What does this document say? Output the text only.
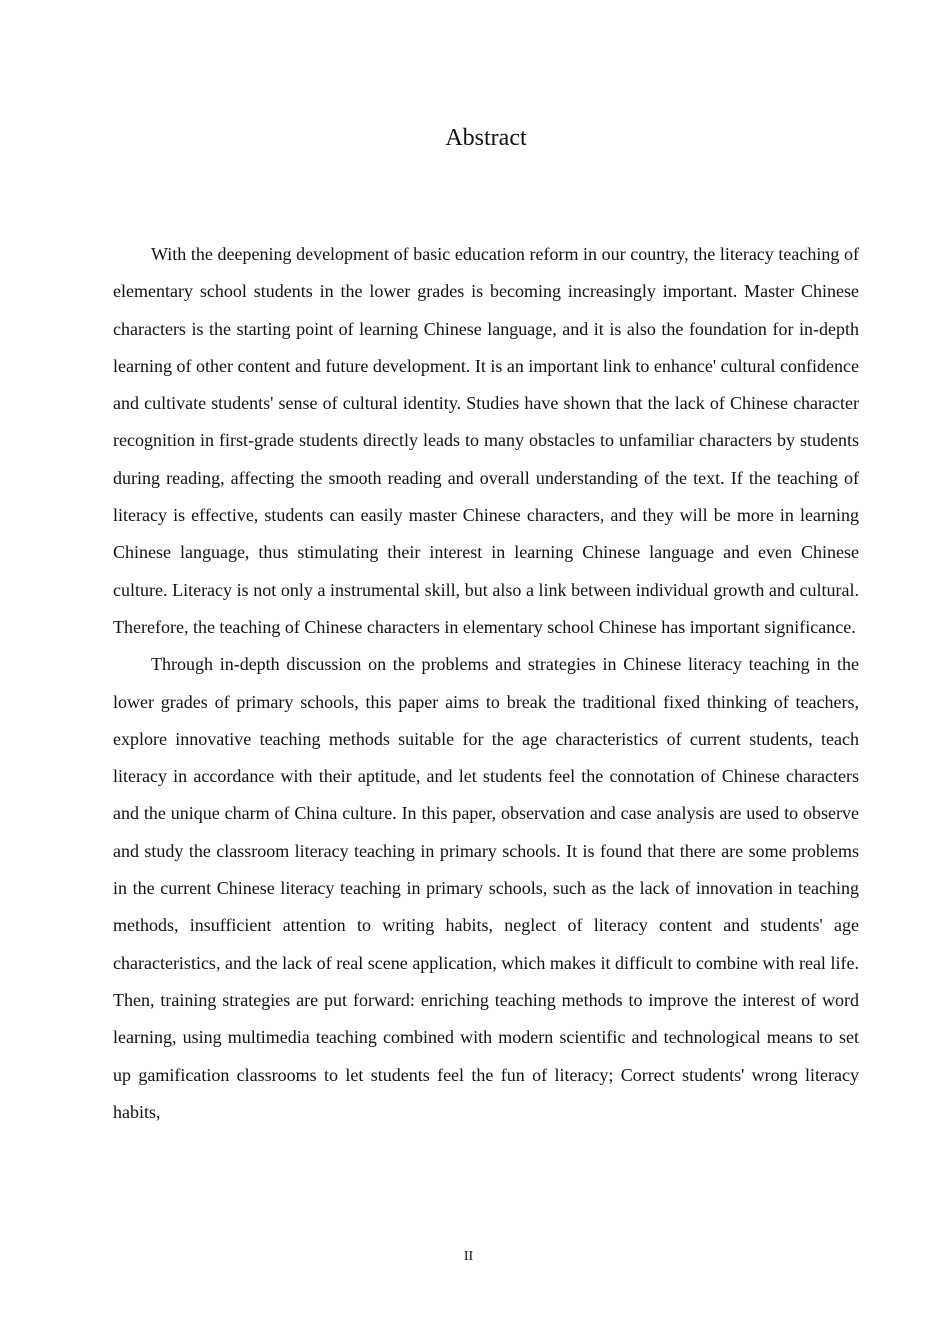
Abstract

With the deepening development of basic education reform in our country, the literacy teaching of elementary school students in the lower grades is becoming increasingly important. Master Chinese characters is the starting point of learning Chinese language, and it is also the foundation for in-depth learning of other content and future development. It is an important link to enhance' cultural confidence and cultivate students' sense of cultural identity. Studies have shown that the lack of Chinese character recognition in first-grade students directly leads to many obstacles to unfamiliar characters by students during reading, affecting the smooth reading and overall understanding of the text. If the teaching of literacy is effective, students can easily master Chinese characters, and they will be more in learning Chinese language, thus stimulating their interest in learning Chinese language and even Chinese culture. Literacy is not only a instrumental skill, but also a link between individual growth and cultural. Therefore, the teaching of Chinese characters in elementary school Chinese has important significance.

Through in-depth discussion on the problems and strategies in Chinese literacy teaching in the lower grades of primary schools, this paper aims to break the traditional fixed thinking of teachers, explore innovative teaching methods suitable for the age characteristics of current students, teach literacy in accordance with their aptitude, and let students feel the connotation of Chinese characters and the unique charm of China culture. In this paper, observation and case analysis are used to observe and study the classroom literacy teaching in primary schools. It is found that there are some problems in the current Chinese literacy teaching in primary schools, such as the lack of innovation in teaching methods, insufficient attention to writing habits, neglect of literacy content and students' age characteristics, and the lack of real scene application, which makes it difficult to combine with real life. Then, training strategies are put forward: enriching teaching methods to improve the interest of word learning, using multimedia teaching combined with modern scientific and technological means to set up gamification classrooms to let students feel the fun of literacy; Correct students' wrong literacy habits,

II
